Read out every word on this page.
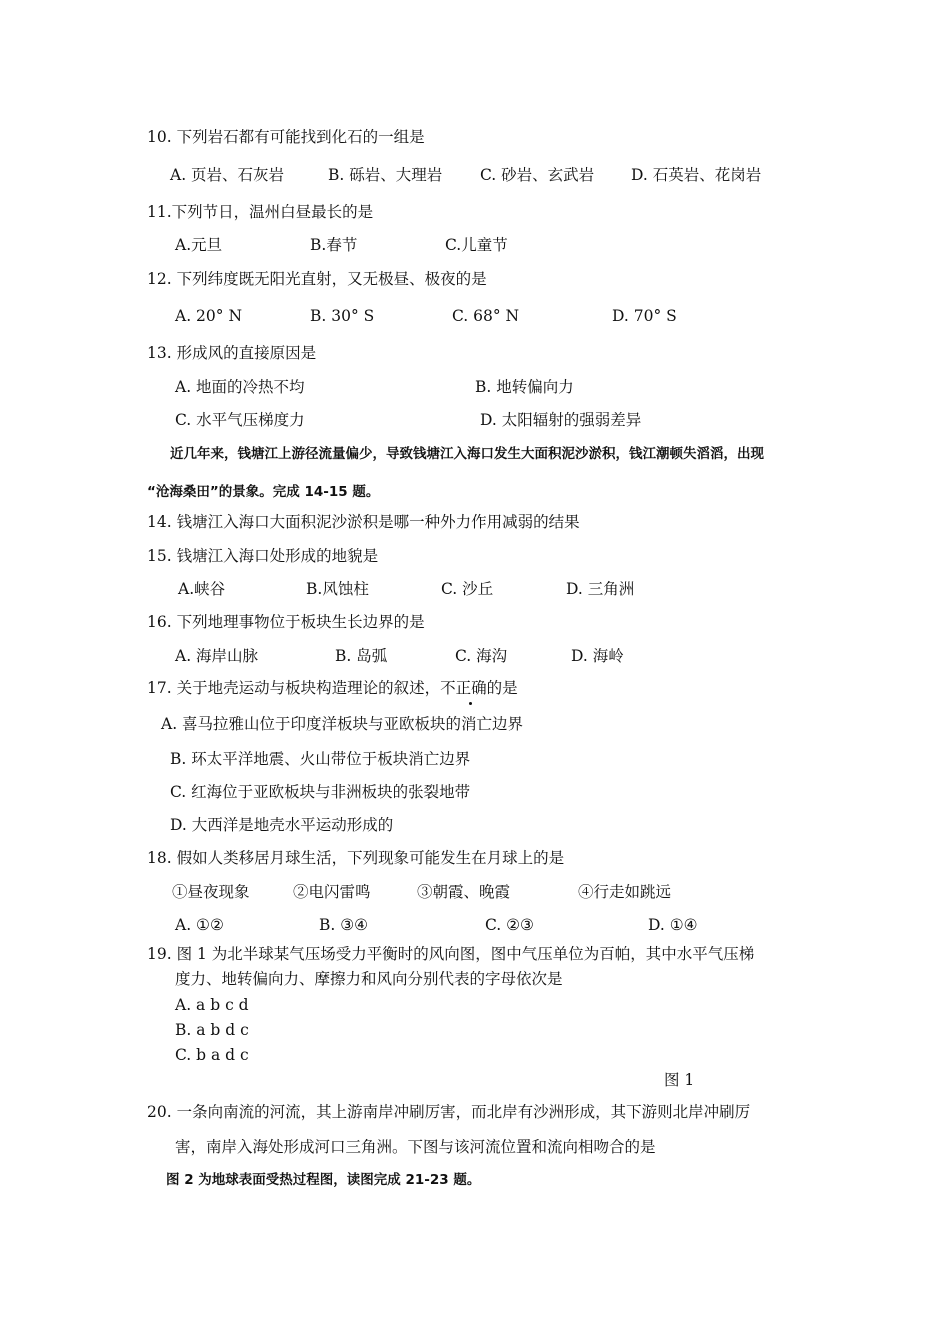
10. 下列岩石都有可能找到化石的一组是
A. 页岩、石灰岩	B. 砾岩、大理岩 C. 砂岩、玄武岩 D. 石英岩、花岗岩
11.下列节日，温州白昼最长的是
A.元旦	B.春节	C.儿童节
12. 下列纬度既无阳光直射，又无极昼、极夜的是
A. 20° N	B. 30° S	C. 68° N	D. 70° S
13. 形成风的直接原因是
A. 地面的冷热不均	B. 地转偏向力
C. 水平气压梯度力	D. 太阳辐射的强弱差异
近几年来，钱塘江上游径流量偏少，导致钱塘江入海口发生大面积泥沙淤积，钱江潮顿失滔滔，出现
“沧海桑田”的景象。完成 14-15 题。
14. 钱塘江入海口大面积泥沙淤积是哪一种外力作用减弱的结果
15. 钱塘江入海口处形成的地貌是
A.峡谷	B.风蚀柱	C. 沙丘	D. 三角洲
16. 下列地理事物位于板块生长边界的是
A. 海岸山脉	B. 岛弧	C. 海沟	D. 海岭
17. 关于地壳运动与板块构造理论的叙述，不正确的是
A. 喜马拉雅山位于印度洋板块与亚欧板块的消亡边界
B. 环太平洋地震、火山带位于板块消亡边界
C. 红海位于亚欧板块与非洲板块的张裂地带
D. 大西洋是地壳水平运动形成的
18. 假如人类移居月球生活，下列现象可能发生在月球上的是
①昼夜现象	②电闪雷鸣	③朝霞、晚霞	④行走如跳远
A. ①②	B. ③④	C. ②③	D. ①④
19. 图 1 为北半球某气压场受力平衡时的风向图，图中气压单位为百帕，其中水平气压梯
度力、地转偏向力、摩擦力和风向分别代表的字母依次是
A. a b c d
B. a b d c
C. b a d c
图 1
20. 一条向南流的河流，其上游南岸冲刷厉害，而北岸有沙洲形成，其下游则北岸冲刷厉
害，南岸入海处形成河口三角洲。下图与该河流位置和流向相吻合的是
图 2 为地球表面受热过程图，读图完成 21-23 题。
